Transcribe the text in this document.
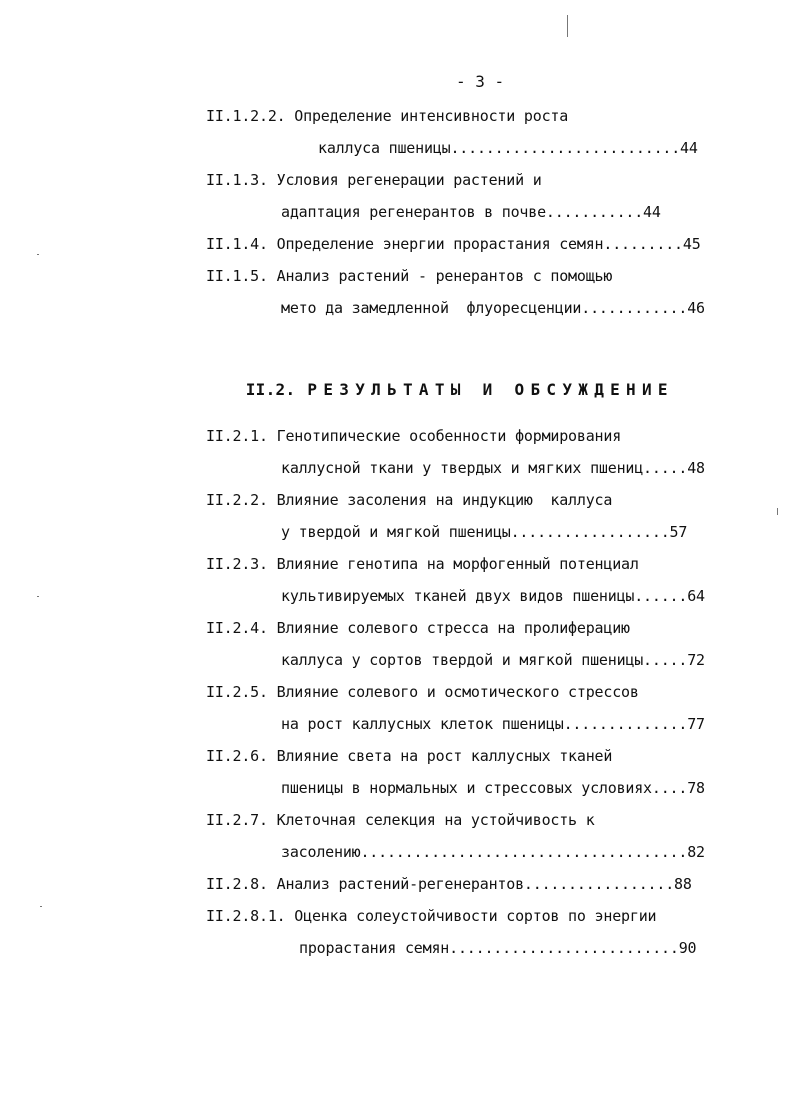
- 3 -
II.1.2.2. Определение интенсивности роста
каллуса пшеницы..........................44
II.1.3. Условия регенерации растений и
адаптация регенерантов в почве...........44
II.1.4. Определение энергии прорастания семян.........45
II.1.5. Анализ растений - ренерантов с помощью
мето да замедленной  флуоресценции............46

II.2. РЕЗУЛЬТАТЫ И ОБСУЖДЕНИЕ

II.2.1. Генотипические особенности формирования
каллусной ткани у твердых и мягких пшениц.....48
II.2.2. Влияние засоления на индукцию  каллуса
у твердой и мягкой пшеницы..................57
II.2.3. Влияние генотипа на морфогенный потенциал
культивируемых тканей двух видов пшеницы......64
II.2.4. Влияние солевого стресса на пролиферацию
каллуса у сортов твердой и мягкой пшеницы.....72
II.2.5. Влияние солевого и осмотического стрессов
на рост каллусных клеток пшеницы..............77
II.2.6. Влияние света на рост каллусных тканей
пшеницы в нормальных и стрессовых условиях....78
II.2.7. Клеточная селекция на устойчивость к
засолению.....................................82
II.2.8. Анализ растений-регенерантов.................88
II.2.8.1. Оценка солеустойчивости сортов по энергии
прорастания семян..........................90
